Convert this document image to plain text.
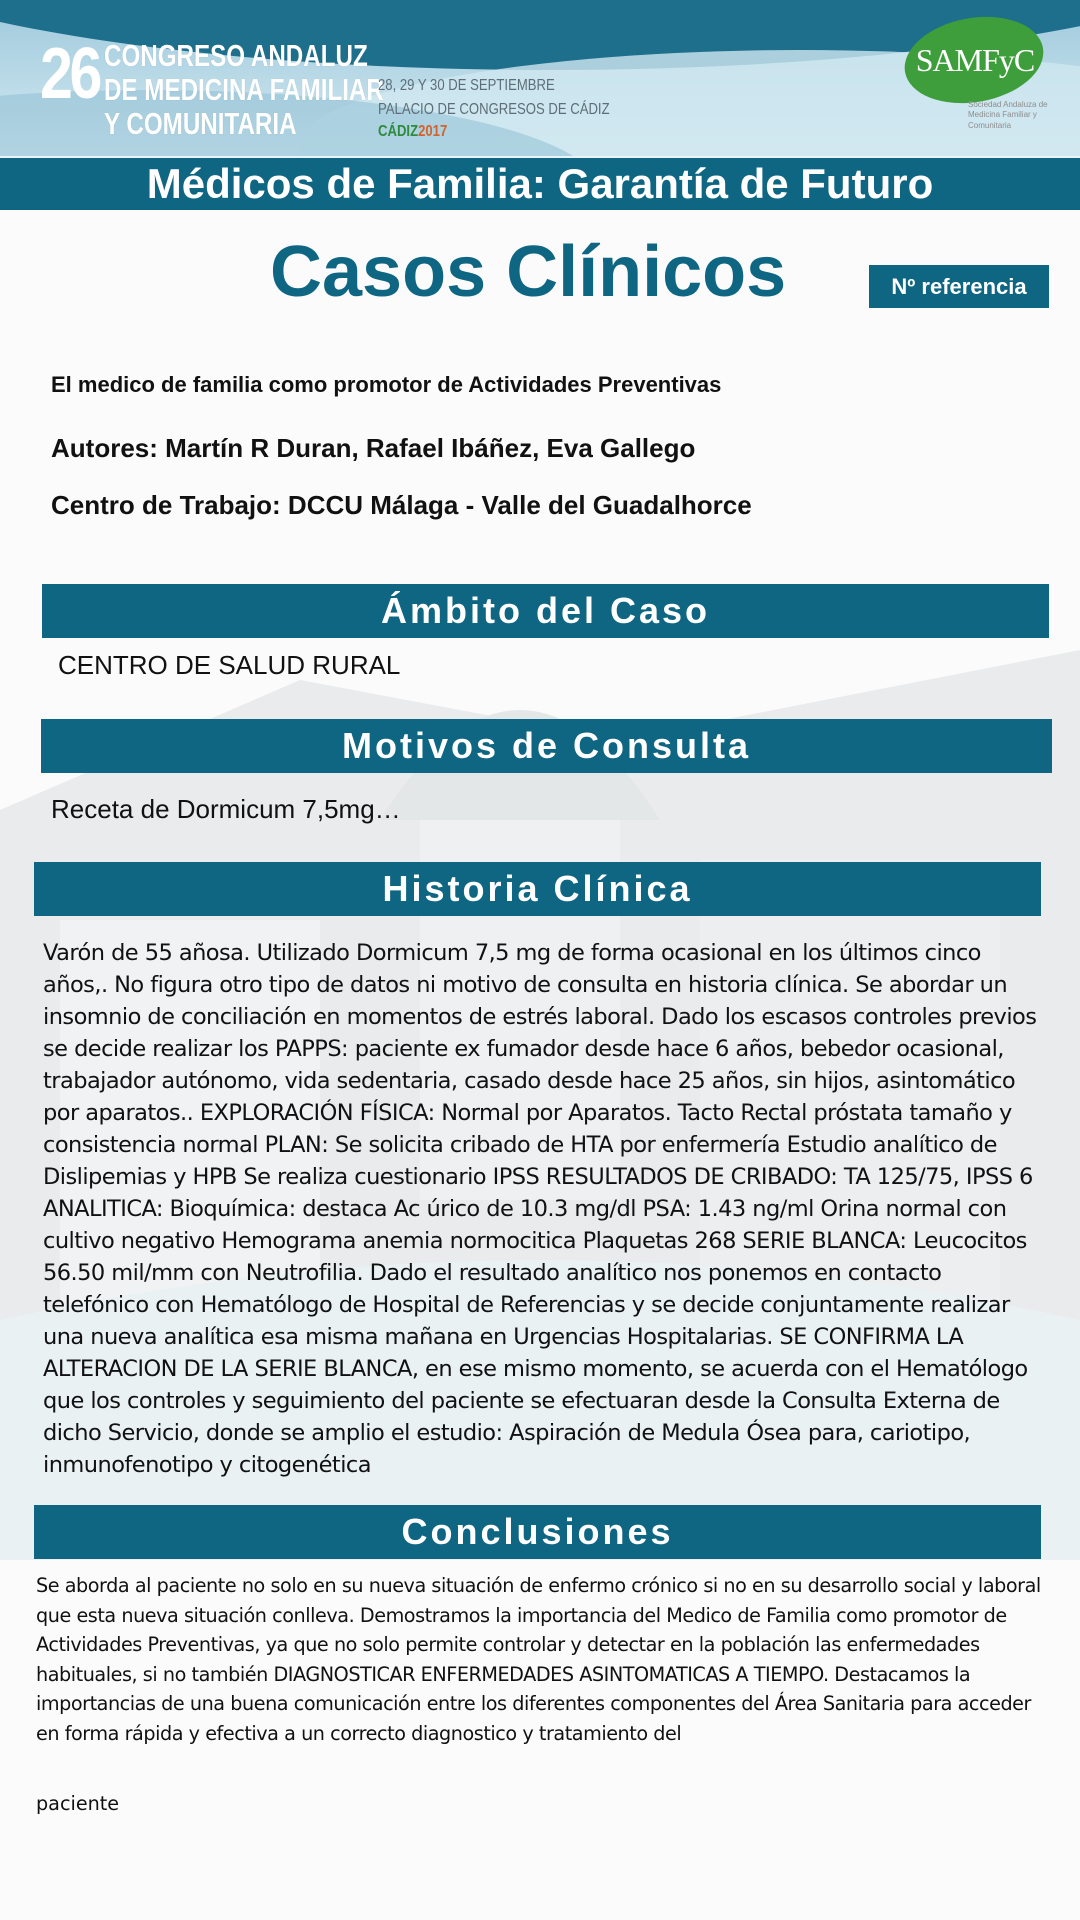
26 CONGRESO ANDALUZ
DE MEDICINA FAMILIAR
Y COMUNITARIA
28, 29 Y 30 DE SEPTIEMBRE
PALACIO DE CONGRESOS DE CÁDIZ
CÁDIZ2017
SAMFyC
Sociedad Andaluza de Medicina Familiar y Comunitaria
Médicos de Familia: Garantía de Futuro
Casos Clínicos	Nº referencia
El medico de familia como promotor de Actividades Preventivas
Autores: Martín R Duran, Rafael Ibáñez, Eva Gallego
Centro de Trabajo: DCCU Málaga - Valle del Guadalhorce
Ámbito del Caso
CENTRO DE SALUD RURAL
Motivos de Consulta
Receta de Dormicum 7,5mg…
Historia Clínica

Varón de 55 añosa. Utilizado Dormicum 7,5 mg de forma ocasional en los últimos cinco años,. No figura otro tipo de datos ni motivo de consulta en historia clínica. Se abordar un insomnio de conciliación en momentos de estrés laboral. Dado los escasos controles previos se decide realizar los PAPPS: paciente ex fumador desde hace 6 años, bebedor ocasional, trabajador autónomo, vida sedentaria, casado desde hace 25 años, sin hijos, asintomático por aparatos.. EXPLORACIÓN FÍSICA: Normal por Aparatos. Tacto Rectal próstata tamaño y consistencia normal PLAN: Se solicita cribado de HTA por enfermería Estudio analítico de Dislipemias y HPB Se realiza cuestionario IPSS RESULTADOS DE CRIBADO: TA 125/75, IPSS 6 ANALITICA: Bioquímica: destaca Ac úrico de 10.3 mg/dl PSA: 1.43 ng/ml Orina normal con cultivo negativo Hemograma anemia normocitica Plaquetas 268 SERIE BLANCA: Leucocitos 56.50 mil/mm con Neutrofilia. Dado el resultado analítico nos ponemos en contacto telefónico con Hematólogo de Hospital de Referencias y se decide conjuntamente realizar una nueva analítica esa misma mañana en Urgencias Hospitalarias. SE CONFIRMA LA ALTERACION DE LA SERIE BLANCA, en ese mismo momento, se acuerda con el Hematólogo que los controles y seguimiento del paciente se efectuaran desde la Consulta Externa de dicho Servicio, donde se amplio el estudio: Aspiración de Medula Ósea para, cariotipo, inmunofenotipo y citogenética

Conclusiones

Se aborda al paciente no solo en su nueva situación de enfermo crónico si no en su desarrollo social y laboral que esta nueva situación conlleva. Demostramos la importancia del Medico de Familia como promotor de Actividades Preventivas, ya que no solo permite controlar y detectar en la población las enfermedades habituales, si no también DIAGNOSTICAR ENFERMEDADES ASINTOMATICAS A TIEMPO. Destacamos la importancias de una buena comunicación entre los diferentes componentes del Área Sanitaria para acceder en forma rápida y efectiva a un correcto diagnostico y tratamiento del

paciente
